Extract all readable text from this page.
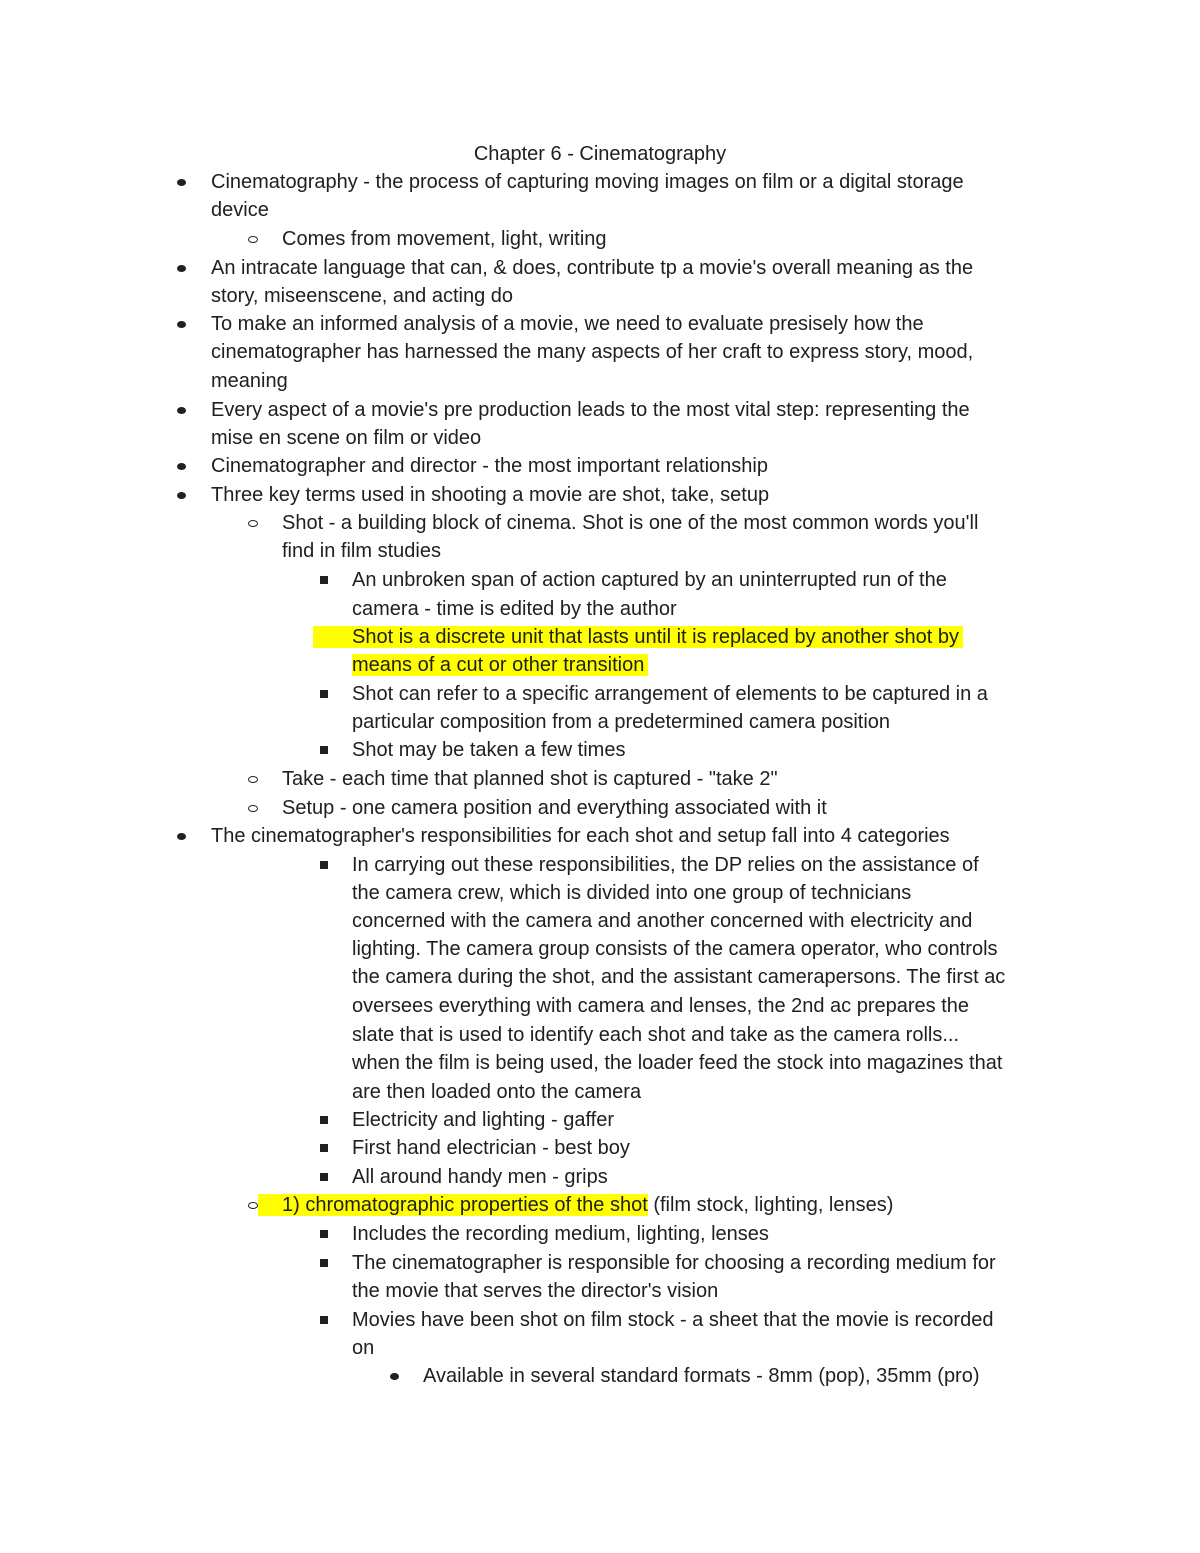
Chapter 6 - Cinematography
Cinematography - the process of capturing moving images on film or a digital storage
device
Comes from movement, light, writing
An intracate language that can, & does, contribute tp a movie's overall meaning as the
story, miseenscene, and acting do
To make an informed analysis of a movie, we need to evaluate presisely how the
cinematographer has harnessed the many aspects of her craft to express story, mood,
meaning
Every aspect of a movie's pre production leads to the most vital step: representing the
mise en scene on film or video
Cinematographer and director - the most important relationship
Three key terms used in shooting a movie are shot, take, setup
Shot - a building block of cinema. Shot is one of the most common words you'll
find in film studies
An unbroken span of action captured by an uninterrupted run of the
camera - time is edited by the author
Shot is a discrete unit that lasts until it is replaced by another shot by
means of a cut or other transition
Shot can refer to a specific arrangement of elements to be captured in a
particular composition from a predetermined camera position
Shot may be taken a few times
Take - each time that planned shot is captured - "take 2"
Setup - one camera position and everything associated with it
The cinematographer's responsibilities for each shot and setup fall into 4 categories
In carrying out these responsibilities, the DP relies on the assistance of
the camera crew, which is divided into one group of technicians
concerned with the camera and another concerned with electricity and
lighting. The camera group consists of the camera operator, who controls
the camera during the shot, and the assistant camerapersons. The first ac
oversees everything with camera and lenses, the 2nd ac prepares the
slate that is used to identify each shot and take as the camera rolls...
when the film is being used, the loader feed the stock into magazines that
are then loaded onto the camera
Electricity and lighting - gaffer
First hand electrician - best boy
All around handy men - grips
1) chromatographic properties of the shot (film stock, lighting, lenses)
Includes the recording medium, lighting, lenses
The cinematographer is responsible for choosing a recording medium for
the movie that serves the director's vision
Movies have been shot on film stock - a sheet that the movie is recorded
on
Available in several standard formats - 8mm (pop), 35mm (pro)
